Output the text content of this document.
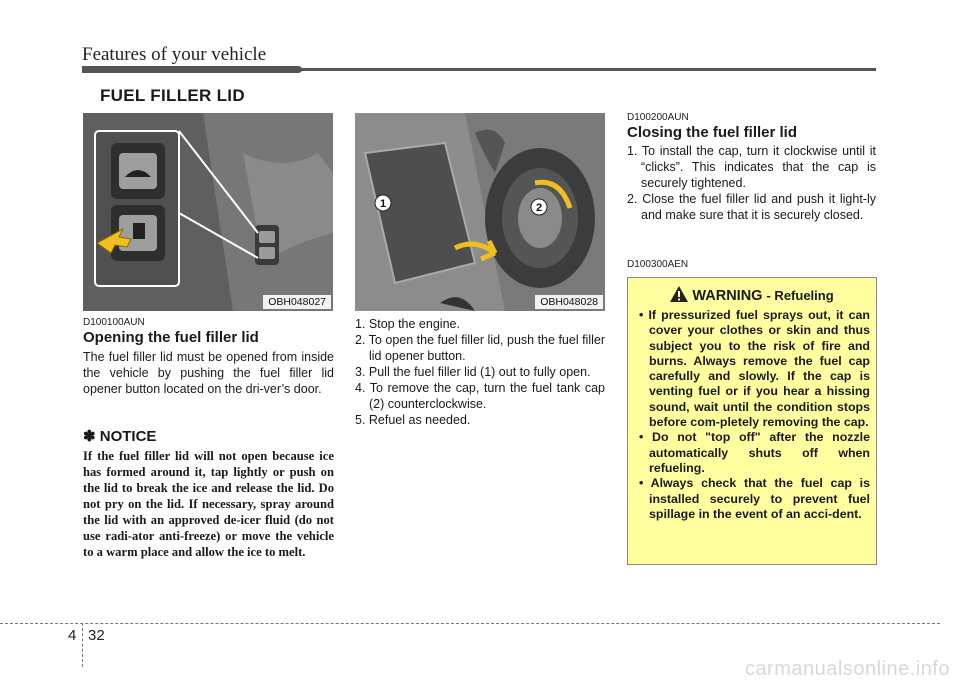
Features of your vehicle
FUEL FILLER LID
OBH048027
1	2
OBH048028
D100100AUN
Opening the fuel filler lid
The fuel filler lid must be opened from inside the vehicle by pushing the fuel filler lid opener button located on the dri-ver’s door.
✽ NOTICE
If the fuel filler lid will not open because ice has formed around it, tap lightly or push on the lid to break the ice and release the lid. Do not pry on the lid. If necessary, spray around the lid with an approved de-icer fluid (do not use radi-ator anti-freeze) or move the vehicle to a warm place and allow the ice to melt.
1. Stop the engine.
2. To open the fuel filler lid, push the fuel filler lid opener button.
3. Pull the fuel filler lid (1) out to fully open.
4. To remove the cap, turn the fuel tank cap (2) counterclockwise.
5. Refuel as needed.
D100200AUN
Closing the fuel filler lid
1. To install the cap, turn it clockwise until it “clicks”. This indicates that the cap is securely tightened.
2. Close the fuel filler lid and push it light-ly and make sure that it is securely closed.
D100300AEN
WARNING - Refueling
• If pressurized fuel sprays out, it can cover your clothes or skin and thus subject you to the risk of fire and burns. Always remove the fuel cap carefully and slowly. If the cap is venting fuel or if you hear a hissing sound, wait until the condition stops before com-pletely removing the cap.
• Do not "top off" after the nozzle automatically shuts off when refueling.
• Always check that the fuel cap is installed securely to prevent fuel spillage in the event of an acci-dent.
4 32
carmanualsonline.info
